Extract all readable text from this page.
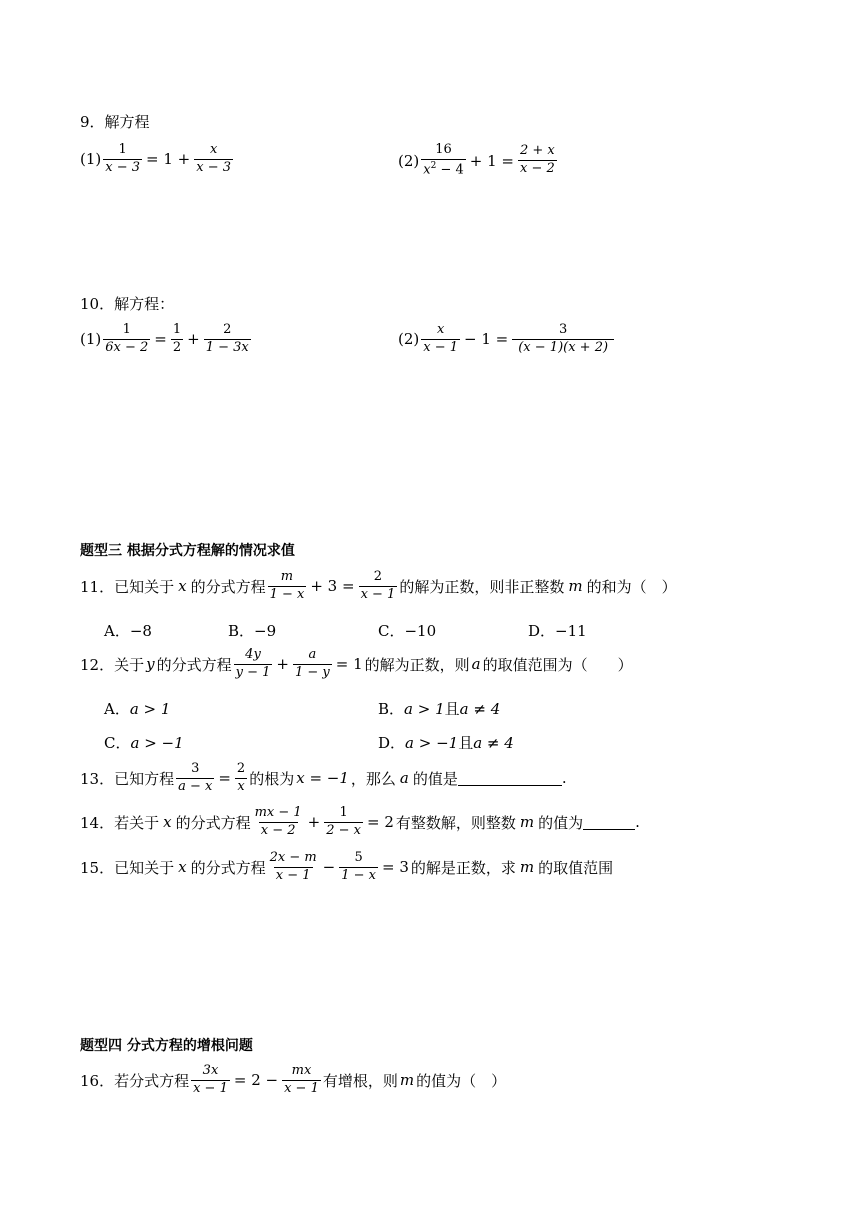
9．解方程
$(1) \frac{1}{x - 3} = 1 + \frac{x}{x - 3}$	$(2) \frac{16}{x^2 - 4} + 1 = \frac{2 + x}{x - 2}$
10．解方程：
$(1) \frac{1}{6x - 2} = \frac{1}{2} + \frac{2}{1 - 3x}$	$(2) \frac{x}{x - 1} - 1 = \frac{3}{(x - 1)(x + 2)}$
题型三 根据分式方程解的情况求值
11．已知关于 x 的分式方程 $\frac{m}{1 - x} + 3 = \frac{2}{x - 1}$ 的解为正数，则非正整数 m 的和为（　）
A．−8	B．−9	C．−10	D．−11
12．关于 y 的分式方程 $\frac{4y}{y - 1} + \frac{a}{1 - y} = 1$ 的解为正数，则 a 的取值范围为（　　）
A．a > 1	B．a > 1且a ≠ 4
C．a > −1	D．a > −1且a ≠ 4
13．已知方程 $\frac{3}{a - x} = \frac{2}{x}$ 的根为 x = −1 ，那么 a 的值是	.
14．若关于 x 的分式方程 $\frac{mx - 1}{x - 2} + \frac{1}{2 - x} = 2$ 有整数解，则整数 m 的值为	.
15．已知关于 x 的分式方程 $\frac{2x - m}{x - 1} - \frac{5}{1 - x} = 3$ 的解是正数，求 m 的取值范围
题型四 分式方程的增根问题
16．若分式方程 $\frac{3x}{x - 1} = 2 - \frac{mx}{x - 1}$ 有增根，则 m 的值为（　）
